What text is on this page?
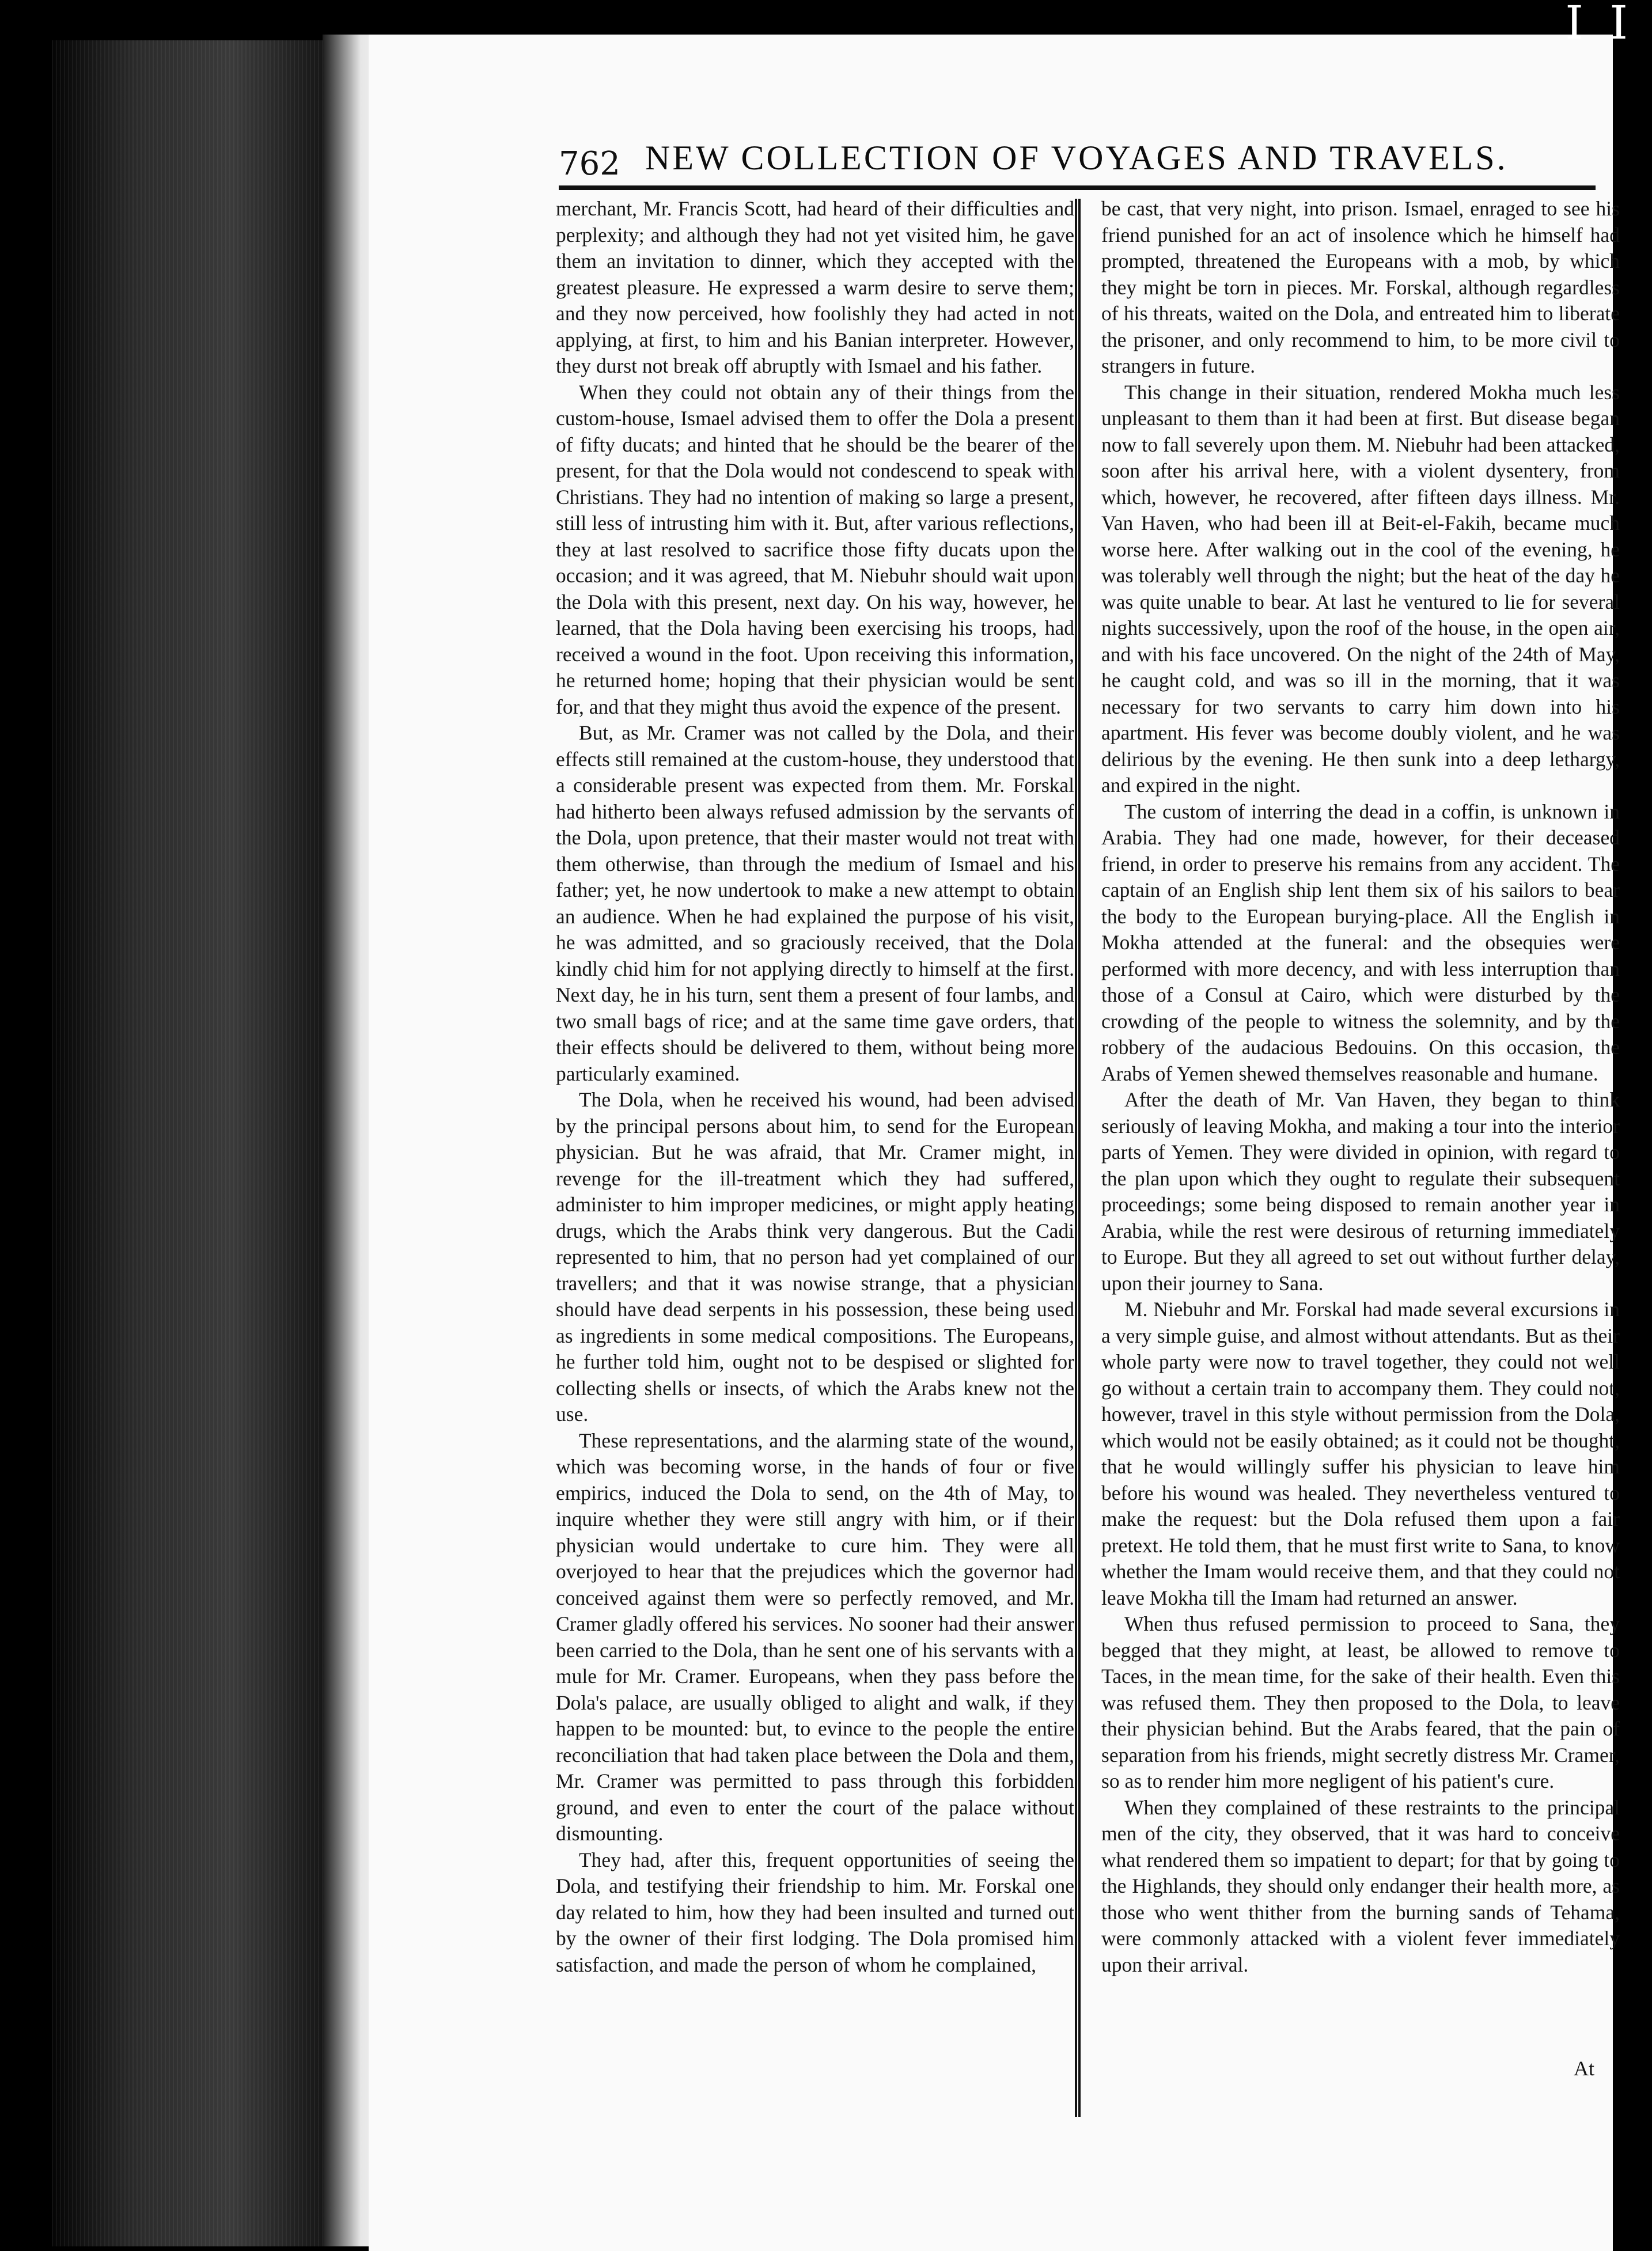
I I
762 NEW COLLECTION OF VOYAGES AND TRAVELS.

merchant, Mr. Francis Scott, had heard of their difficulties and perplexity; and although they had not yet visited him, he gave them an invitation to dinner, which they accepted with the greatest pleasure. He expressed a warm desire to serve them; and they now perceived, how foolishly they had acted in not applying, at first, to him and his Banian interpreter. However, they durst not break off abruptly with Ismael and his father.

When they could not obtain any of their things from the custom-house, Ismael advised them to offer the Dola a present of fifty ducats; and hinted that he should be the bearer of the present, for that the Dola would not condescend to speak with Christians. They had no intention of making so large a present, still less of intrusting him with it. But, after various reflections, they at last resolved to sacrifice those fifty ducats upon the occasion; and it was agreed, that M. Niebuhr should wait upon the Dola with this present, next day. On his way, however, he learned, that the Dola having been exercising his troops, had received a wound in the foot. Upon receiving this information, he returned home; hoping that their physician would be sent for, and that they might thus avoid the expence of the present.

But, as Mr. Cramer was not called by the Dola, and their effects still remained at the custom-house, they understood that a considerable present was expected from them. Mr. Forskal had hitherto been always refused admission by the servants of the Dola, upon pretence, that their master would not treat with them otherwise, than through the medium of Ismael and his father; yet, he now undertook to make a new attempt to obtain an audience. When he had explained the purpose of his visit, he was admitted, and so graciously received, that the Dola kindly chid him for not applying directly to himself at the first. Next day, he in his turn, sent them a present of four lambs, and two small bags of rice; and at the same time gave orders, that their effects should be delivered to them, without being more particularly examined.

The Dola, when he received his wound, had been advised by the principal persons about him, to send for the European physician. But he was afraid, that Mr. Cramer might, in revenge for the ill-treatment which they had suffered, administer to him improper medicines, or might apply heating drugs, which the Arabs think very dangerous. But the Cadi represented to him, that no person had yet complained of our travellers; and that it was nowise strange, that a physician should have dead serpents in his possession, these being used as ingredients in some medical compositions. The Europeans, he further told him, ought not to be despised or slighted for collecting shells or insects, of which the Arabs knew not the use.

These representations, and the alarming state of the wound, which was becoming worse, in the hands of four or five empirics, induced the Dola to send, on the 4th of May, to inquire whether they were still angry with him, or if their physician would undertake to cure him. They were all overjoyed to hear that the prejudices which the governor had conceived against them were so perfectly removed, and Mr. Cramer gladly offered his services. No sooner had their answer been carried to the Dola, than he sent one of his servants with a mule for Mr. Cramer. Europeans, when they pass before the Dola's palace, are usually obliged to alight and walk, if they happen to be mounted: but, to evince to the people the entire reconciliation that had taken place between the Dola and them, Mr. Cramer was permitted to pass through this forbidden ground, and even to enter the court of the palace without dismounting.

They had, after this, frequent opportunities of seeing the Dola, and testifying their friendship to him. Mr. Forskal one day related to him, how they had been insulted and turned out by the owner of their first lodging. The Dola promised him satisfaction, and made the person of whom he complained,

be cast, that very night, into prison. Ismael, enraged to see his friend punished for an act of insolence which he himself had prompted, threatened the Europeans with a mob, by which they might be torn in pieces. Mr. Forskal, although regardless of his threats, waited on the Dola, and entreated him to liberate the prisoner, and only recommend to him, to be more civil to strangers in future.

This change in their situation, rendered Mokha much less unpleasant to them than it had been at first. But disease began now to fall severely upon them. M. Niebuhr had been attacked, soon after his arrival here, with a violent dysentery, from which, however, he recovered, after fifteen days illness. Mr. Van Haven, who had been ill at Beit-el-Fakih, became much worse here. After walking out in the cool of the evening, he was tolerably well through the night; but the heat of the day he was quite unable to bear. At last he ventured to lie for several nights successively, upon the roof of the house, in the open air, and with his face uncovered. On the night of the 24th of May, he caught cold, and was so ill in the morning, that it was necessary for two servants to carry him down into his apartment. His fever was become doubly violent, and he was delirious by the evening. He then sunk into a deep lethargy, and expired in the night.

The custom of interring the dead in a coffin, is unknown in Arabia. They had one made, however, for their deceased friend, in order to preserve his remains from any accident. The captain of an English ship lent them six of his sailors to bear the body to the European burying-place. All the English in Mokha attended at the funeral: and the obsequies were performed with more decency, and with less interruption than those of a Consul at Cairo, which were disturbed by the crowding of the people to witness the solemnity, and by the robbery of the audacious Bedouins. On this occasion, the Arabs of Yemen shewed themselves reasonable and humane.

After the death of Mr. Van Haven, they began to think seriously of leaving Mokha, and making a tour into the interior parts of Yemen. They were divided in opinion, with regard to the plan upon which they ought to regulate their subsequent proceedings; some being disposed to remain another year in Arabia, while the rest were desirous of returning immediately to Europe. But they all agreed to set out without further delay, upon their journey to Sana.

M. Niebuhr and Mr. Forskal had made several excursions in a very simple guise, and almost without attendants. But as their whole party were now to travel together, they could not well go without a certain train to accompany them. They could not, however, travel in this style without permission from the Dola, which would not be easily obtained; as it could not be thought, that he would willingly suffer his physician to leave him before his wound was healed. They nevertheless ventured to make the request: but the Dola refused them upon a fair pretext. He told them, that he must first write to Sana, to know whether the Imam would receive them, and that they could not leave Mokha till the Imam had returned an answer.

When thus refused permission to proceed to Sana, they begged that they might, at least, be allowed to remove to Taces, in the mean time, for the sake of their health. Even this was refused them. They then proposed to the Dola, to leave their physician behind. But the Arabs feared, that the pain of separation from his friends, might secretly distress Mr. Cramer, so as to render him more negligent of his patient's cure.

When they complained of these restraints to the principal men of the city, they observed, that it was hard to conceive what rendered them so impatient to depart; for that by going to the Highlands, they should only endanger their health more, as those who went thither from the burning sands of Tehama, were commonly attacked with a violent fever immediately upon their arrival.

At
